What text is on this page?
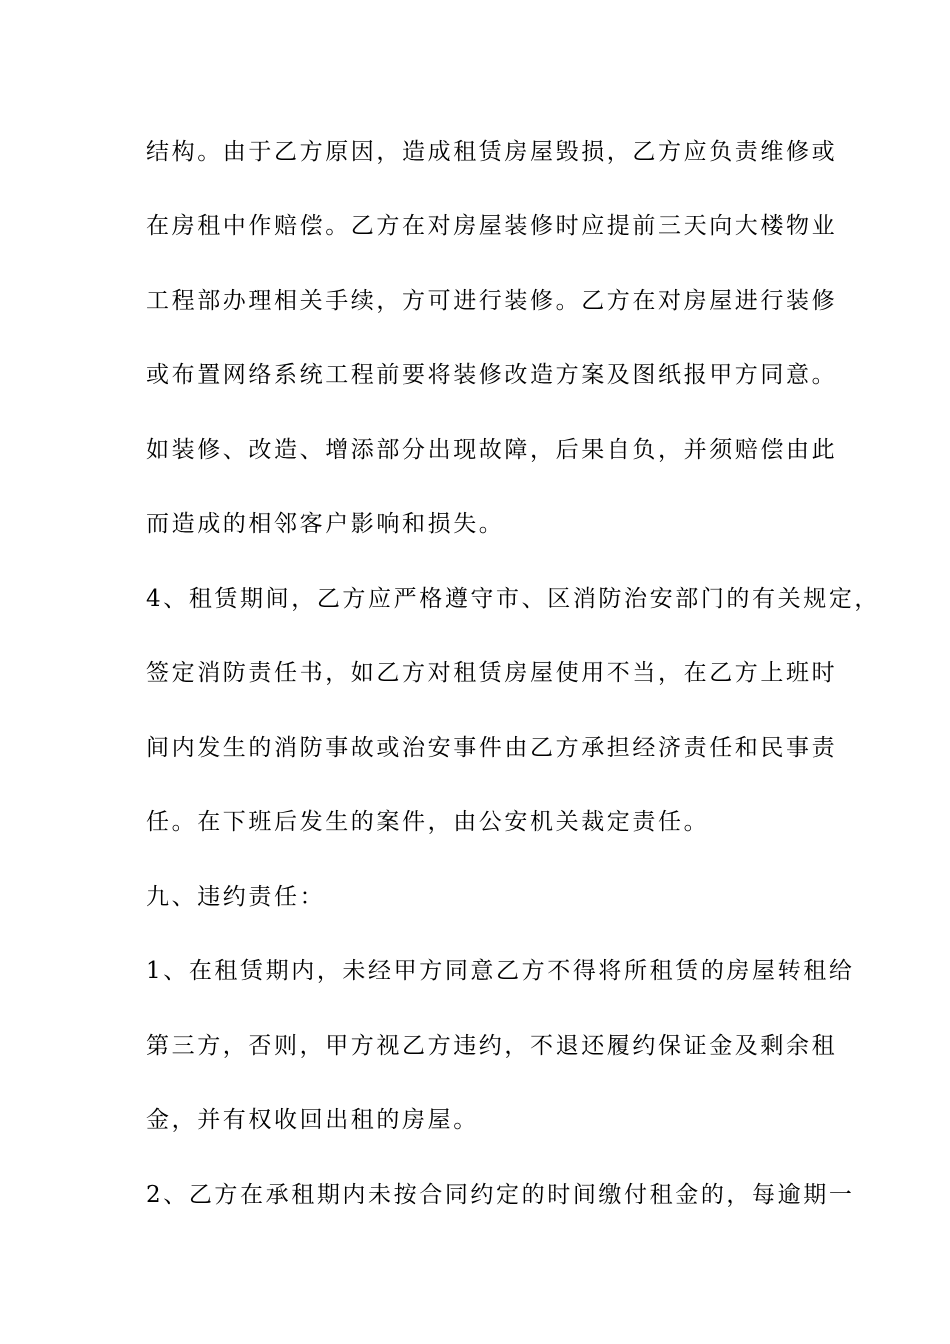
结构。由于乙方原因，造成租赁房屋毁损，乙方应负责维修或

在房租中作赔偿。乙方在对房屋装修时应提前三天向大楼物业

工程部办理相关手续，方可进行装修。乙方在对房屋进行装修

或布置网络系统工程前要将装修改造方案及图纸报甲方同意。

如装修、改造、增添部分出现故障，后果自负，并须赔偿由此

而造成的相邻客户影响和损失。

4、租赁期间，乙方应严格遵守市、区消防治安部门的有关规定，

签定消防责任书，如乙方对租赁房屋使用不当，在乙方上班时

间内发生的消防事故或治安事件由乙方承担经济责任和民事责

任。在下班后发生的案件，由公安机关裁定责任。

九、违约责任：

1、在租赁期内，未经甲方同意乙方不得将所租赁的房屋转租给

第三方，否则，甲方视乙方违约，不退还履约保证金及剩余租

金，并有权收回出租的房屋。

2、乙方在承租期内未按合同约定的时间缴付租金的，每逾期一
